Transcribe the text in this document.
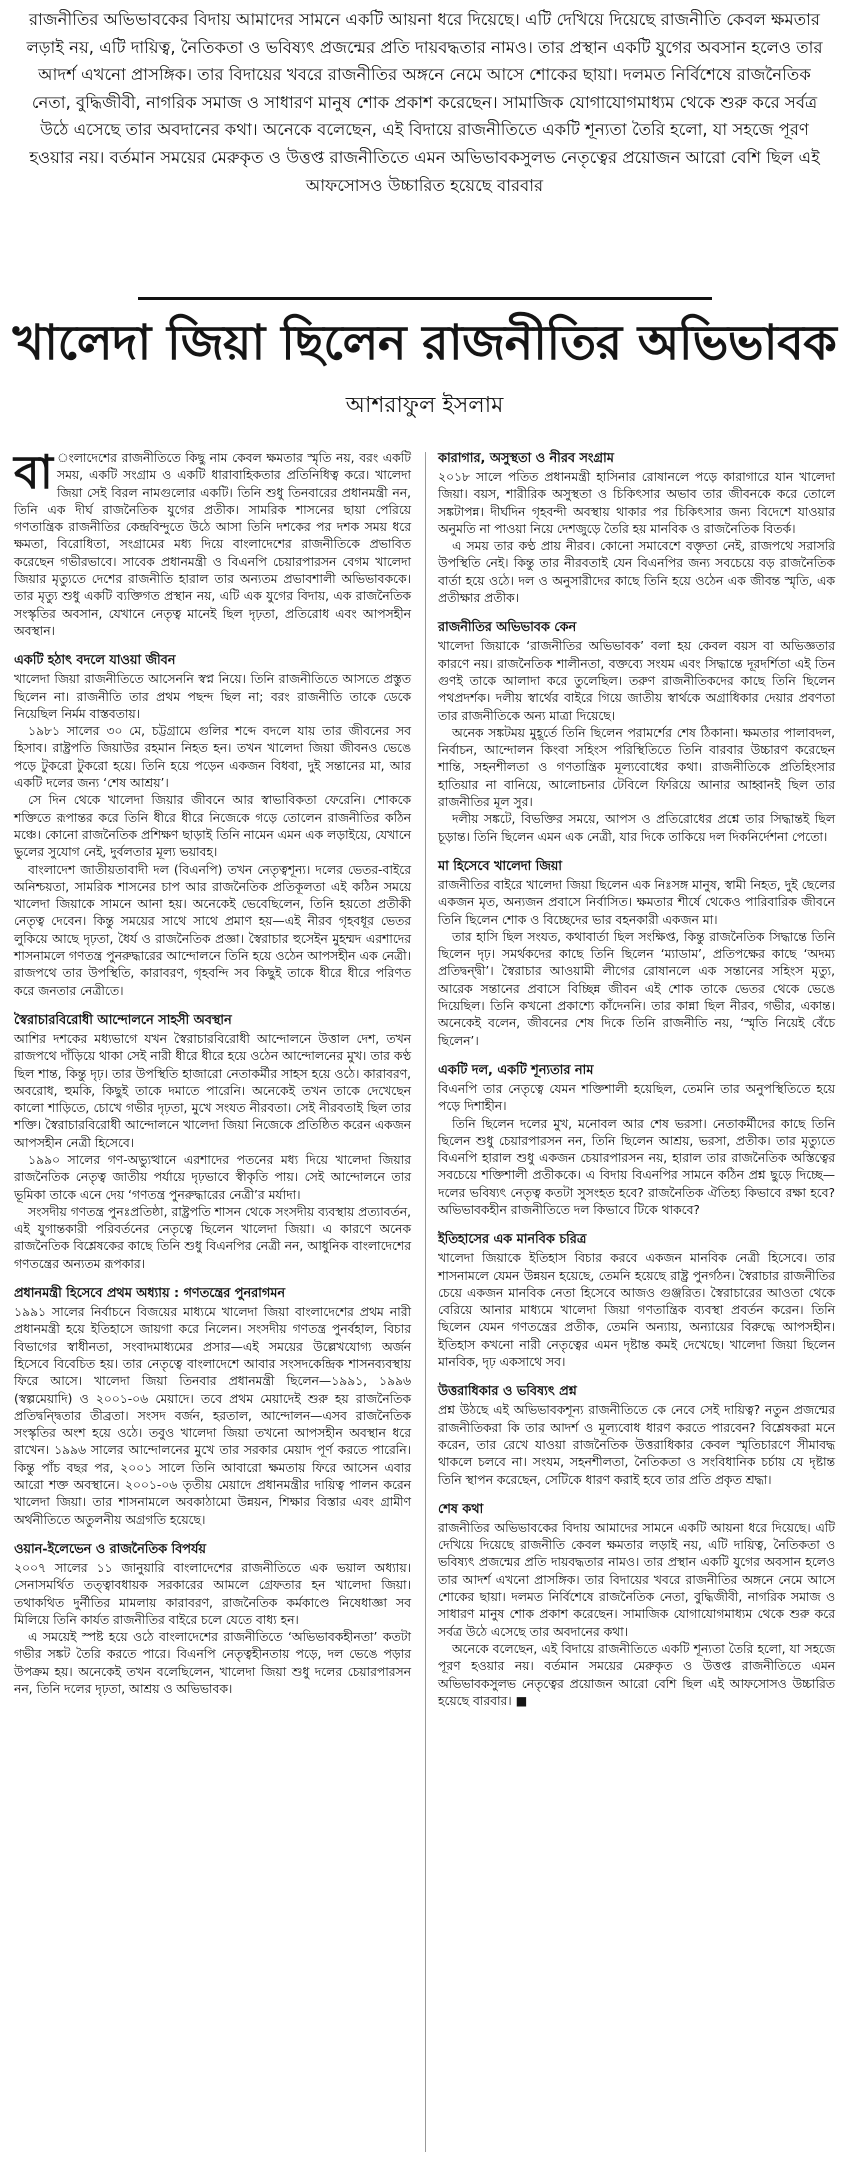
রাজনীতির অভিভাবকের বিদায় আমাদের সামনে একটি আয়না ধরে দিয়েছে। এটি দেখিয়ে দিয়েছে রাজনীতি কেবল ক্ষমতার লড়াই নয়, এটি দায়িত্ব, নৈতিকতা ও ভবিষ্যৎ প্রজন্মের প্রতি দায়বদ্ধতার নামও। তার প্রস্থান একটি যুগের অবসান হলেও তার আদর্শ এখনো প্রাসঙ্গিক। তার বিদায়ের খবরে রাজনীতির অঙ্গনে নেমে আসে শোকের ছায়া। দলমত নির্বিশেষে রাজনৈতিক নেতা, বুদ্ধিজীবী, নাগরিক সমাজ ও সাধারণ মানুষ শোক প্রকাশ করেছেন। সামাজিক যোগাযোগমাধ্যম থেকে শুরু করে সর্বত্র উঠে এসেছে তার অবদানের কথা। অনেকে বলেছেন, এই বিদায়ে রাজনীতিতে একটি শূন্যতা তৈরি হলো, যা সহজে পূরণ হওয়ার নয়। বর্তমান সময়ের মেরুকৃত ও উত্তপ্ত রাজনীতিতে এমন অভিভাবকসুলভ নেতৃত্বের প্রয়োজন আরো বেশি ছিল এই আফসোসও উচ্চারিত হয়েছে বারবার

খালেদা জিয়া ছিলেন রাজনীতির অভিভাবক
আশরাফুল ইসলাম

বা ংলাদেশের রাজনীতিতে কিছু নাম কেবল ক্ষমতার স্মৃতি নয়, বরং একটি সময়, একটি সংগ্রাম ও একটি ধারাবাহিকতার প্রতিনিধিত্ব করে। খালেদা জিয়া সেই বিরল নামগুলোর একটি। তিনি শুধু তিনবারের প্রধানমন্ত্রী নন, তিনি এক দীর্ঘ রাজনৈতিক যুগের প্রতীক। সামরিক শাসনের ছায়া পেরিয়ে গণতান্ত্রিক রাজনীতির কেন্দ্রবিন্দুতে উঠে আসা তিনি দশকের পর দশক সময় ধরে ক্ষমতা, বিরোধিতা, সংগ্রামের মধ্য দিয়ে বাংলাদেশের রাজনীতিকে প্রভাবিত করেছেন গভীরভাবে। সাবেক প্রধানমন্ত্রী ও বিএনপি চেয়ারপারসন বেগম খালেদা জিয়ার মৃত্যুতে দেশের রাজনীতি হারাল তার অন্যতম প্রভাবশালী অভিভাবককে। তার মৃত্যু শুধু একটি ব্যক্তিগত প্রস্থান নয়, এটি এক যুগের বিদায়, এক রাজনৈতিক সংস্কৃতির অবসান, যেখানে নেতৃত্ব মানেই ছিল দৃঢ়তা, প্রতিরোধ এবং আপসহীন অবস্থান।

একটি হঠাৎ বদলে যাওয়া জীবন

খালেদা জিয়া রাজনীতিতে আসেননি স্বপ্ন নিয়ে। তিনি রাজনীতিতে আসতে প্রস্তুত ছিলেন না। রাজনীতি তার প্রথম পছন্দ ছিল না; বরং রাজনীতি তাকে ডেকে নিয়েছিল নির্মম বাস্তবতায়।

১৯৮১ সালের ৩০ মে, চট্টগ্রামে গুলির শব্দে বদলে যায় তার জীবনের সব হিসাব। রাষ্ট্রপতি জিয়াউর রহমান নিহত হন। তখন খালেদা জিয়া জীবনও ভেঙে পড়ে টুকরো টুকরো হয়ে। তিনি হয়ে পড়েন একজন বিধবা, দুই সন্তানের মা, আর একটি দলের জন্য ‘শেষ আশ্রয়’।

সে দিন থেকে খালেদা জিয়ার জীবনে আর স্বাভাবিকতা ফেরেনি। শোককে শক্তিতে রূপান্তর করে তিনি ধীরে ধীরে নিজেকে গড়ে তোলেন রাজনীতির কঠিন মঞ্চে। কোনো রাজনৈতিক প্রশিক্ষণ ছাড়াই তিনি নামেন এমন এক লড়াইয়ে, যেখানে ভুলের সুযোগ নেই, দুর্বলতার মূল্য ভয়াবহ।

বাংলাদেশ জাতীয়তাবাদী দল (বিএনপি) তখন নেতৃত্বশূন্য। দলের ভেতর-বাইরে অনিশ্চয়তা, সামরিক শাসনের চাপ আর রাজনৈতিক প্রতিকূলতা এই কঠিন সময়ে খালেদা জিয়াকে সামনে আনা হয়। অনেকেই ভেবেছিলেন, তিনি হয়তো প্রতীকী নেতৃত্ব দেবেন। কিন্তু সময়ের সাথে সাথে প্রমাণ হয়—এই নীরব গৃহবধূর ভেতর লুকিয়ে আছে দৃঢ়তা, ধৈর্য ও রাজনৈতিক প্রজ্ঞা। স্বৈরাচার হুসেইন মুহম্মদ এরশাদের শাসনামলে গণতন্ত্র পুনরুদ্ধারের আন্দোলনে তিনি হয়ে ওঠেন আপসহীন এক নেত্রী। রাজপথে তার উপস্থিতি, কারাবরণ, গৃহবন্দি সব কিছুই তাকে ধীরে ধীরে পরিণত করে জনতার নেত্রীতে।

স্বৈরাচারবিরোধী আন্দোলনে সাহসী অবস্থান

আশির দশকের মধ্যভাগে যখন স্বৈরাচারবিরোধী আন্দোলনে উত্তাল দেশ, তখন রাজপথে দাঁড়িয়ে থাকা সেই নারী ধীরে ধীরে হয়ে ওঠেন আন্দোলনের মুখ। তার কণ্ঠ ছিল শান্ত, কিন্তু দৃঢ়। তার উপস্থিতি হাজারো নেতাকর্মীর সাহস হয়ে ওঠে। কারাবরণ, অবরোধ, হুমকি, কিছুই তাকে দমাতে পারেনি। অনেকেই তখন তাকে দেখেছেন কালো শাড়িতে, চোখে গভীর দৃঢ়তা, মুখে সংযত নীরবতা। সেই নীরবতাই ছিল তার শক্তি। স্বৈরাচারবিরোধী আন্দোলনে খালেদা জিয়া নিজেকে প্রতিষ্ঠিত করেন একজন আপসহীন নেত্রী হিসেবে।

১৯৯০ সালের গণ-অভ্যুত্থানে এরশাদের পতনের মধ্য দিয়ে খালেদা জিয়ার রাজনৈতিক নেতৃত্ব জাতীয় পর্যায়ে দৃঢ়ভাবে স্বীকৃতি পায়। সেই আন্দোলনে তার ভূমিকা তাকে এনে দেয় ‘গণতন্ত্র পুনরুদ্ধারের নেত্রী’র মর্যাদা।

সংসদীয় গণতন্ত্র পুনঃপ্রতিষ্ঠা, রাষ্ট্রপতি শাসন থেকে সংসদীয় ব্যবস্থায় প্রত্যাবর্তন, এই যুগান্তকারী পরিবর্তনের নেতৃত্বে ছিলেন খালেদা জিয়া। এ কারণে অনেক রাজনৈতিক বিশ্লেষকের কাছে তিনি শুধু বিএনপির নেত্রী নন, আধুনিক বাংলাদেশের গণতন্ত্রের অন্যতম রূপকার।

প্রধানমন্ত্রী হিসেবে প্রথম অধ্যায় : গণতন্ত্রের পুনরাগমন

১৯৯১ সালের নির্বাচনে বিজয়ের মাধ্যমে খালেদা জিয়া বাংলাদেশের প্রথম নারী প্রধানমন্ত্রী হয়ে ইতিহাসে জায়গা করে নিলেন। সংসদীয় গণতন্ত্র পুনর্বহাল, বিচার বিভাগের স্বাধীনতা, সংবাদমাধ্যমের প্রসার—এই সময়ের উল্লেখযোগ্য অর্জন হিসেবে বিবেচিত হয়। তার নেতৃত্বে বাংলাদেশে আবার সংসদকেন্দ্রিক শাসনব্যবস্থায় ফিরে আসে। খালেদা জিয়া তিনবার প্রধানমন্ত্রী ছিলেন—১৯৯১, ১৯৯৬ (স্বল্পমেয়াদি) ও ২০০১-০৬ মেয়াদে। তবে প্রথম মেয়াদেই শুরু হয় রাজনৈতিক প্রতিদ্বন্দ্বিতার তীব্রতা। সংসদ বর্জন, হরতাল, আন্দোলন—এসব রাজনৈতিক সংস্কৃতির অংশ হয়ে ওঠে। তবুও খালেদা জিয়া তখনো আপসহীন অবস্থান ধরে রাখেন। ১৯৯৬ সালের আন্দোলনের মুখে তার সরকার মেয়াদ পূর্ণ করতে পারেনি। কিন্তু পাঁচ বছর পর, ২০০১ সালে তিনি আবারো ক্ষমতায় ফিরে আসেন এবার আরো শক্ত অবস্থানে। ২০০১-০৬ তৃতীয় মেয়াদে প্রধানমন্ত্রীর দায়িত্ব পালন করেন খালেদা জিয়া। তার শাসনামলে অবকাঠামো উন্নয়ন, শিক্ষার বিস্তার এবং গ্রামীণ অর্থনীতিতে অতুলনীয় অগ্রগতি হয়েছে।

ওয়ান-ইলেভেন ও রাজনৈতিক বিপর্যয়

২০০৭ সালের ১১ জানুয়ারি বাংলাদেশের রাজনীতিতে এক ভয়াল অধ্যায়। সেনাসমর্থিত তত্ত্বাবধায়ক সরকারের আমলে গ্রেফতার হন খালেদা জিয়া। তথাকথিত দুর্নীতির মামলায় কারাবরণ, রাজনৈতিক কর্মকাণ্ডে নিষেধাজ্ঞা সব মিলিয়ে তিনি কার্যত রাজনীতির বাইরে চলে যেতে বাধ্য হন।

এ সময়েই স্পষ্ট হয়ে ওঠে বাংলাদেশের রাজনীতিতে ‘অভিভাবকহীনতা’ কতটা গভীর সঙ্কট তৈরি করতে পারে। বিএনপি নেতৃত্বহীনতায় পড়ে, দল ভেঙে পড়ার উপক্রম হয়। অনেকেই তখন বলেছিলেন, খালেদা জিয়া শুধু দলের চেয়ারপারসন নন, তিনি দলের দৃঢ়তা, আশ্রয় ও অভিভাবক।

কারাগার, অসুস্থতা ও নীরব সংগ্রাম

২০১৮ সালে পতিত প্রধানমন্ত্রী হাসিনার রোষানলে পড়ে কারাগারে যান খালেদা জিয়া। বয়স, শারীরিক অসুস্থতা ও চিকিৎসার অভাব তার জীবনকে করে তোলে সঙ্কটাপন্ন। দীর্ঘদিন গৃহবন্দী অবস্থায় থাকার পর চিকিৎসার জন্য বিদেশে যাওয়ার অনুমতি না পাওয়া নিয়ে দেশজুড়ে তৈরি হয় মানবিক ও রাজনৈতিক বিতর্ক।

এ সময় তার কণ্ঠ প্রায় নীরব। কোনো সমাবেশে বক্তৃতা নেই, রাজপথে সরাসরি উপস্থিতি নেই। কিন্তু তার নীরবতাই যেন বিএনপির জন্য সবচেয়ে বড় রাজনৈতিক বার্তা হয়ে ওঠে। দল ও অনুসারীদের কাছে তিনি হয়ে ওঠেন এক জীবন্ত স্মৃতি, এক প্রতীক্ষার প্রতীক।

রাজনীতির অভিভাবক কেন

খালেদা জিয়াকে ‘রাজনীতির অভিভাবক’ বলা হয় কেবল বয়স বা অভিজ্ঞতার কারণে নয়। রাজনৈতিক শালীনতা, বক্তব্যে সংযম এবং সিদ্ধান্তে দূরদর্শিতা এই তিন গুণই তাকে আলাদা করে তুলেছিল। তরুণ রাজনীতিকদের কাছে তিনি ছিলেন পথপ্রদর্শক। দলীয় স্বার্থের বাইরে গিয়ে জাতীয় স্বার্থকে অগ্রাধিকার দেয়ার প্রবণতা তার রাজনীতিকে অন্য মাত্রা দিয়েছে।

অনেক সঙ্কটময় মুহূর্তে তিনি ছিলেন পরামর্শের শেষ ঠিকানা। ক্ষমতার পালাবদল, নির্বাচন, আন্দোলন কিংবা সহিংস পরিস্থিতিতে তিনি বারবার উচ্চারণ করেছেন শান্তি, সহনশীলতা ও গণতান্ত্রিক মূল্যবোধের কথা। রাজনীতিকে প্রতিহিংসার হাতিয়ার না বানিয়ে, আলোচনার টেবিলে ফিরিয়ে আনার আহ্বানই ছিল তার রাজনীতির মূল সুর।

দলীয় সঙ্কটে, বিভক্তির সময়ে, আপস ও প্রতিরোধের প্রশ্নে তার সিদ্ধান্তই ছিল চূড়ান্ত। তিনি ছিলেন এমন এক নেত্রী, যার দিকে তাকিয়ে দল দিকনির্দেশনা পেতো।

মা হিসেবে খালেদা জিয়া

রাজনীতির বাইরে খালেদা জিয়া ছিলেন এক নিঃসঙ্গ মানুষ, স্বামী নিহত, দুই ছেলের একজন মৃত, অন্যজন প্রবাসে নির্বাসিত। ক্ষমতার শীর্ষে থেকেও পারিবারিক জীবনে তিনি ছিলেন শোক ও বিচ্ছেদের ভার বহনকারী একজন মা।

তার হাসি ছিল সংযত, কথাবার্তা ছিল সংক্ষিপ্ত, কিন্তু রাজনৈতিক সিদ্ধান্তে তিনি ছিলেন দৃঢ়। সমর্থকদের কাছে তিনি ছিলেন ‘ম্যাডাম’, প্রতিপক্ষের কাছে ‘অদম্য প্রতিদ্বন্দ্বী’। স্বৈরাচার আওয়ামী লীগের রোষানলে এক সন্তানের সহিংস মৃত্যু, আরেক সন্তানের প্রবাসে বিচ্ছিন্ন জীবন এই শোক তাকে ভেতর থেকে ভেঙে দিয়েছিল। তিনি কখনো প্রকাশ্যে কাঁদেননি। তার কান্না ছিল নীরব, গভীর, একান্ত। অনেকেই বলেন, জীবনের শেষ দিকে তিনি রাজনীতি নয়, ‘স্মৃতি নিয়েই বেঁচে ছিলেন’।

একটি দল, একটি শূন্যতার নাম

বিএনপি তার নেতৃত্বে যেমন শক্তিশালী হয়েছিল, তেমনি তার অনুপস্থিতিতে হয়ে পড়ে দিশাহীন।

তিনি ছিলেন দলের মুখ, মনোবল আর শেষ ভরসা। নেতাকর্মীদের কাছে তিনি ছিলেন শুধু চেয়ারপারসন নন, তিনি ছিলেন আশ্রয়, ভরসা, প্রতীক। তার মৃত্যুতে বিএনপি হারাল শুধু একজন চেয়ারপারসন নয়, হারাল তার রাজনৈতিক অস্তিত্বের সবচেয়ে শক্তিশালী প্রতীককে। এ বিদায় বিএনপির সামনে কঠিন প্রশ্ন ছুড়ে দিচ্ছে—দলের ভবিষ্যৎ নেতৃত্ব কতটা সুসংহত হবে? রাজনৈতিক ঐতিহ্য কিভাবে রক্ষা হবে? অভিভাবকহীন রাজনীতিতে দল কিভাবে টিকে থাকবে?

ইতিহাসের এক মানবিক চরিত্র

খালেদা জিয়াকে ইতিহাস বিচার করবে একজন মানবিক নেত্রী হিসেবে। তার শাসনামলে যেমন উন্নয়ন হয়েছে, তেমনি হয়েছে রাষ্ট্র পুনর্গঠন। স্বৈরাচার রাজনীতির চেয়ে একজন মানবিক নেতা হিসেবে আজও গুঞ্জরিত। স্বৈরাচারের আওতা থেকে বেরিয়ে আনার মাধ্যমে খালেদা জিয়া গণতান্ত্রিক ব্যবস্থা প্রবর্তন করেন। তিনি ছিলেন যেমন গণতন্ত্রের প্রতীক, তেমনি অন্যায়, অন্যায়ের বিরুদ্ধে আপসহীন। ইতিহাস কখনো নারী নেতৃত্বের এমন দৃষ্টান্ত কমই দেখেছে। খালেদা জিয়া ছিলেন মানবিক, দৃঢ় একসাথে সব।

উত্তরাধিকার ও ভবিষ্যৎ প্রশ্ন

প্রশ্ন উঠছে এই অভিভাবকশূন্য রাজনীতিতে কে নেবে সেই দায়িত্ব? নতুন প্রজন্মের রাজনীতিকরা কি তার আদর্শ ও মূল্যবোধ ধারণ করতে পারবেন? বিশ্লেষকরা মনে করেন, তার রেখে যাওয়া রাজনৈতিক উত্তরাধিকার কেবল স্মৃতিচারণে সীমাবদ্ধ থাকলে চলবে না। সংযম, সহনশীলতা, নৈতিকতা ও সংবিধানিক চর্চায় যে দৃষ্টান্ত তিনি স্থাপন করেছেন, সেটিকে ধারণ করাই হবে তার প্রতি প্রকৃত শ্রদ্ধা।

শেষ কথা

রাজনীতির অভিভাবকের বিদায় আমাদের সামনে একটি আয়না ধরে দিয়েছে। এটি দেখিয়ে দিয়েছে রাজনীতি কেবল ক্ষমতার লড়াই নয়, এটি দায়িত্ব, নৈতিকতা ও ভবিষ্যৎ প্রজন্মের প্রতি দায়বদ্ধতার নামও। তার প্রস্থান একটি যুগের অবসান হলেও তার আদর্শ এখনো প্রাসঙ্গিক। তার বিদায়ের খবরে রাজনীতির অঙ্গনে নেমে আসে শোকের ছায়া। দলমত নির্বিশেষে রাজনৈতিক নেতা, বুদ্ধিজীবী, নাগরিক সমাজ ও সাধারণ মানুষ শোক প্রকাশ করেছেন। সামাজিক যোগাযোগমাধ্যম থেকে শুরু করে সর্বত্র উঠে এসেছে তার অবদানের কথা।

অনেকে বলেছেন, এই বিদায়ে রাজনীতিতে একটি শূন্যতা তৈরি হলো, যা সহজে পূরণ হওয়ার নয়। বর্তমান সময়ের মেরুকৃত ও উত্তপ্ত রাজনীতিতে এমন অভিভাবকসুলভ নেতৃত্বের প্রয়োজন আরো বেশি ছিল এই আফসোসও উচ্চারিত হয়েছে বারবার। ■
